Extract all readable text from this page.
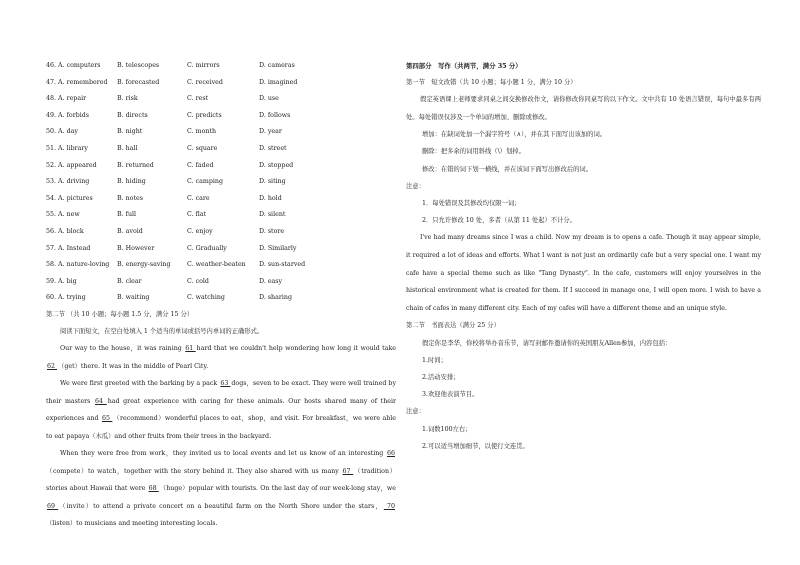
46. A. computers	B. telescopes	C. mirrors	D. cameras
47. A. remembered B. forecasted	C. received	D. imagined
48. A. repair	B. risk	C. rest	D. use
49. A. forbids	B. directs	C. predicts	D. follows
50. A. day	B. night	C. month	D. year
51. A. library	B. hall	C. square	D. street
52. A. appeared	B. returned	C. faded	D. stopped
53. A. driving	B. hiding	C. camping	D. siting
54. A. pictures	B. notes	C. care	D. hold
55. A. new	B. full	C. flat	D. silent
56. A. block	B. avoid	C. enjoy	D. store
57. A. Instead	B. However	C. Gradually	D. Similarly
58. A. nature-loving B. energy-saving	C. weather-beaten D. sun-starved
59. A. big	B. clear	C. cold	D. easy
60. A. trying	B. waiting	C. watching	D. sharing
第二节 （共 10 小题；每小题 1.5 分，满分 15 分）
阅读下面短文，在空白处填入 1 个适当的单词或括号内单词的正确形式。
Our way to the house，it was raining 61 hard that we couldn't help wondering how long it would take 62 （get）there. It was in the middle of Pearl City.
We were first greeted with the barking by a pack 63 dogs，seven to be exact. They were well trained by their masters 64 had great experience with caring for these animals. Our hosts shared many of their experiences and 65 （recommend）wonderful places to eat，shop，and visit. For breakfast，we were able to eat papaya（木瓜）and other fruits from their trees in the backyard.
When they were free from work，they invited us to local events and let us know of an interesting 66 （compete）to watch，together with the story behind it. They also shared with us many 67 （tradition）stories about Hawaii that were 68 （huge）popular with tourists. On the last day of our week-long stay，we 69 （invite）to attend a private concert on a beautiful farm on the North Shore under the stars， 70 （listen）to musicians and meeting interesting locals.
第四部分　写作（共两节，满分 35 分）
第一节　短文改错（共 10 小题；每小题 1 分，满分 10 分）
假定英语课上老师要求同桌之间交换修改作文，请你修改你同桌写的以下作文。文中共有 10 处语言错误，每句中最多有两处。每处错误仅涉及一个单词的增加、删除或修改。
增加：在缺词处加一个漏字符号（∧），并在其下面写出该加的词。
删除：把多余的词用斜线（\）划掉。
修改：在错的词下划一横线，并在该词下面写出修改后的词。
注意：
1．每处错误及其修改均仅限一词；
2．只允许修改 10 处，多者（从第 11 处起）不计分。
I've had many dreams since I was a child. Now my dream is to opens a cafe. Though it may appear simple, it required a lot of ideas and efforts. What I want is not just an ordinarily cafe but a very special one. I want my cafe have a special theme such as like "Tang Dynasty". In the cafe, customers will enjoy yourselves in the historical environment what is created for them. If I succeed in manage one, I will open more. I wish to have a chain of cafes in many different city. Each of my cafes will have a different theme and an unique style.
第二节　书面表达（满分 25 分）
假定你是李华，你校将举办音乐节，请写封邮件邀请你的英国朋友Allen参加，内容包括：
1.时间；
2.活动安排；
3.欢迎他表演节目。
注意：
1.词数100左右；
2.可以适当增加细节，以使行文连贯。
